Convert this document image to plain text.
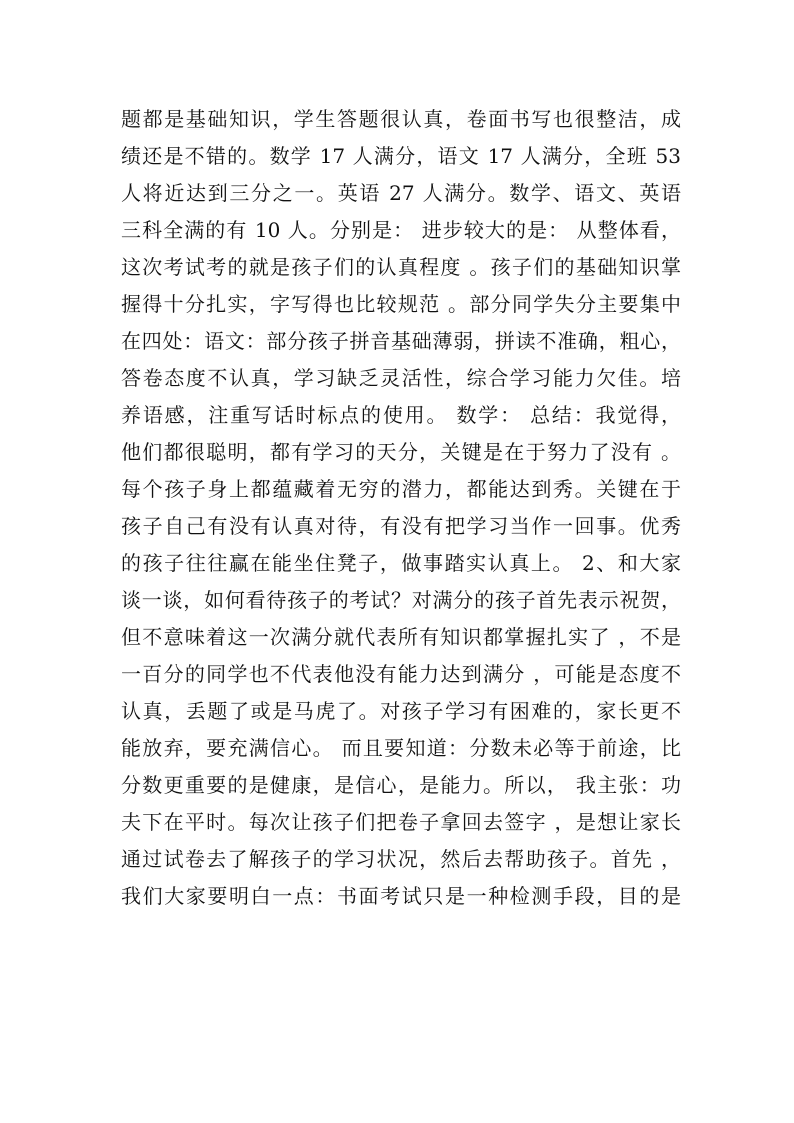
题都是基础知识，学生答题很认真，卷面书写也很整洁，成
绩还是不错的。数学 17 人满分，语文 17 人满分，全班 53
人将近达到三分之一。英语 27 人满分。数学、语文、英语
三科全满的有 10 人。分别是： 进步较大的是： 从整体看，
这次考试考的就是孩子们的认真程度 。孩子们的基础知识掌
握得十分扎实，字写得也比较规范 。部分同学失分主要集中
在四处：语文：部分孩子拼音基础薄弱，拼读不准确，粗心，
答卷态度不认真，学习缺乏灵活性，综合学习能力欠佳。培
养语感，注重写话时标点的使用。 数学： 总结：我觉得，
他们都很聪明，都有学习的天分，关键是在于努力了没有 。
每个孩子身上都蕴藏着无穷的潜力，都能达到秀。关键在于
孩子自己有没有认真对待，有没有把学习当作一回事。优秀
的孩子往往赢在能坐住凳子，做事踏实认真上。 2、和大家
谈一谈，如何看待孩子的考试？对满分的孩子首先表示祝贺，
但不意味着这一次满分就代表所有知识都掌握扎实了 ，不是
一百分的同学也不代表他没有能力达到满分 ，可能是态度不
认真，丢题了或是马虎了。对孩子学习有困难的，家长更不
能放弃，要充满信心。 而且要知道：分数未必等于前途，比
分数更重要的是健康，是信心，是能力。所以， 我主张：功
夫下在平时。每次让孩子们把卷子拿回去签字 ，是想让家长
通过试卷去了解孩子的学习状况，然后去帮助孩子。首先 ，
我们大家要明白一点：书面考试只是一种检测手段，目的是
